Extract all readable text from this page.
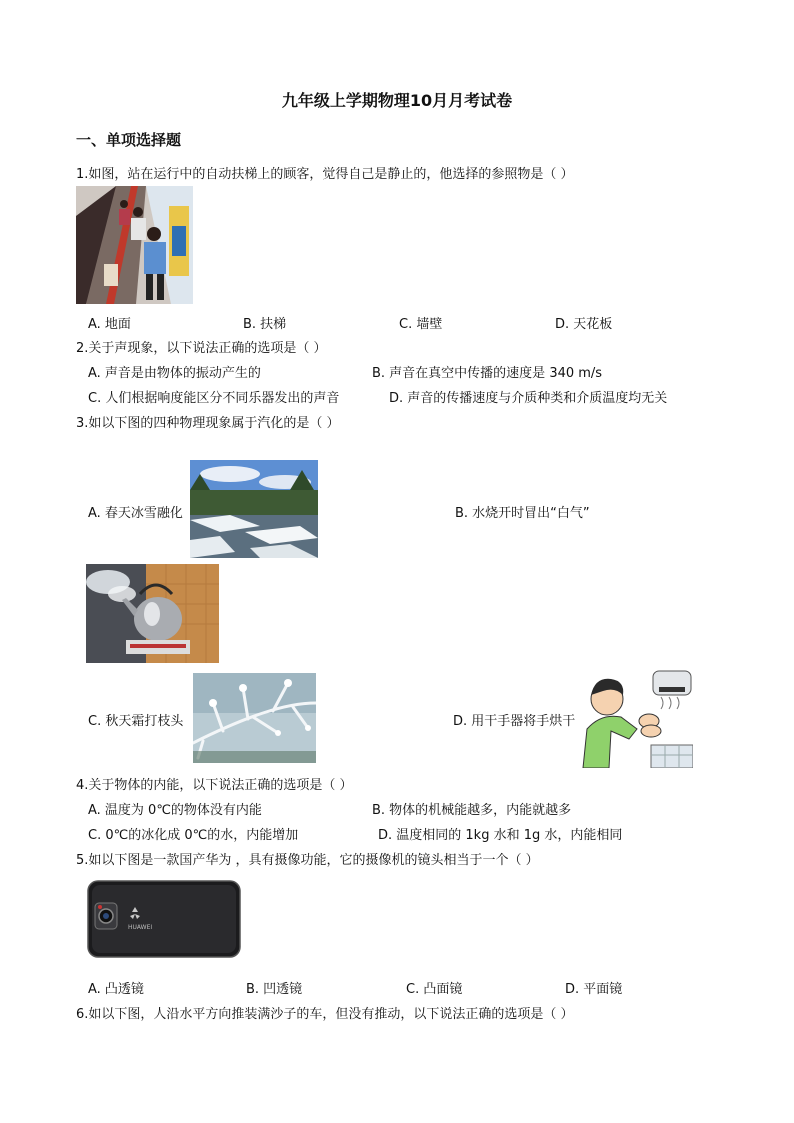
九年级上学期物理10月月考试卷
一、单项选择题
1.如图，站在运行中的自动扶梯上的顾客，觉得自己是静止的，他选择的参照物是（ ）
A. 地面	B. 扶梯	C. 墙壁	D. 天花板
2.关于声现象，以下说法正确的选项是（ ）
A. 声音是由物体的振动产生的	B. 声音在真空中传播的速度是 340 m/s
C. 人们根据响度能区分不同乐器发出的声音	D. 声音的传播速度与介质种类和介质温度均无关
3.如以下图的四种物理现象属于汽化的是（ ）
A. 春天冰雪融化	B. 水烧开时冒出“白气”
C. 秋天霜打枝头	D. 用干手器将手烘干
4.关于物体的内能，以下说法正确的选项是（ ）
A. 温度为 0℃的物体没有内能	B. 物体的机械能越多，内能就越多
C. 0℃的冰化成 0℃的水，内能增加	D. 温度相同的 1kg 水和 1g 水，内能相同
5.如以下图是一款国产华为 ，具有摄像功能，它的摄像机的镜头相当于一个（ ）
HUAWEI
A. 凸透镜	B. 凹透镜	C. 凸面镜	D. 平面镜
6.如以下图，人沿水平方向推装满沙子的车，但没有推动，以下说法正确的选项是（ ）
